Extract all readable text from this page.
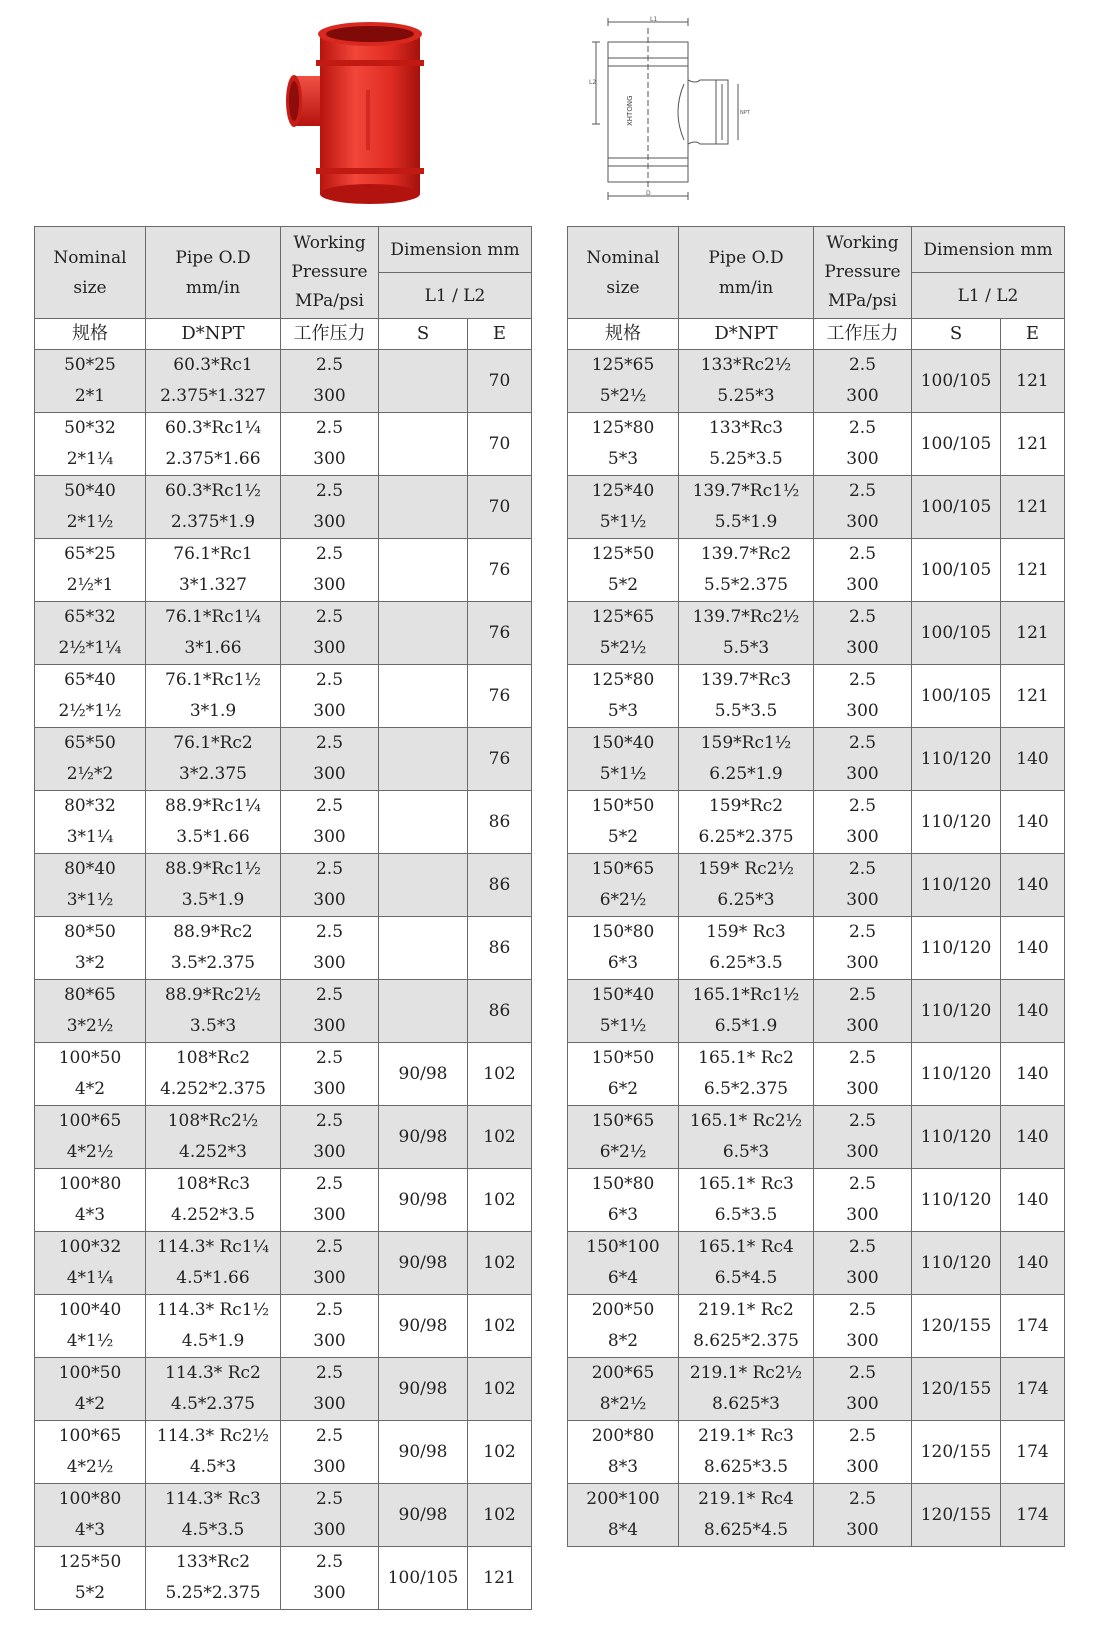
L1
L2
D
NPT
XHTONG
Nominal
size	Pipe O.D
mm/in	Working
Pressure
MPa/psi	Dimension mm	
			L1 / L2	
规格	D*NPT	工作压力	S	E

50*25
2*1	60.3*Rc1
2.375*1.327	2.5
300		70

50*32
2*1¼	60.3*Rc1¼
2.375*1.66	2.5
300		70

50*40
2*1½	60.3*Rc1½
2.375*1.9	2.5
300		70

65*25
2½*1	76.1*Rc1
3*1.327	2.5
300		76

65*32
2½*1¼	76.1*Rc1¼
3*1.66	2.5
300		76

65*40
2½*1½	76.1*Rc1½
3*1.9	2.5
300		76

65*50
2½*2	76.1*Rc2
3*2.375	2.5
300		76

80*32
3*1¼	88.9*Rc1¼
3.5*1.66	2.5
300		86

80*40
3*1½	88.9*Rc1½
3.5*1.9	2.5
300		86

80*50
3*2	88.9*Rc2
3.5*2.375	2.5
300		86

80*65
3*2½	88.9*Rc2½
3.5*3	2.5
300		86

100*50
4*2	108*Rc2
4.252*2.375	2.5
300	90/98	102

100*65
4*2½	108*Rc2½
4.252*3	2.5
300	90/98	102

100*80
4*3	108*Rc3
4.252*3.5	2.5
300	90/98	102

100*32
4*1¼	114.3* Rc1¼
4.5*1.66	2.5
300	90/98	102

100*40
4*1½	114.3* Rc1½
4.5*1.9	2.5
300	90/98	102

100*50
4*2	114.3* Rc2
4.5*2.375	2.5
300	90/98	102

100*65
4*2½	114.3* Rc2½
4.5*3	2.5
300	90/98	102

100*80
4*3	114.3* Rc3
4.5*3.5	2.5
300	90/98	102

125*50
5*2	133*Rc2
5.25*2.375	2.5
300	100/105	121
Nominal
size	Pipe O.D
mm/in	Working
Pressure
MPa/psi	Dimension mm	
			L1 / L2	
规格	D*NPT	工作压力	S	E

125*65
5*2½	133*Rc2½
5.25*3	2.5
300	100/105	121

125*80
5*3	133*Rc3
5.25*3.5	2.5
300	100/105	121

125*40
5*1½	139.7*Rc1½
5.5*1.9	2.5
300	100/105	121

125*50
5*2	139.7*Rc2
5.5*2.375	2.5
300	100/105	121

125*65
5*2½	139.7*Rc2½
5.5*3	2.5
300	100/105	121

125*80
5*3	139.7*Rc3
5.5*3.5	2.5
300	100/105	121

150*40
5*1½	159*Rc1½
6.25*1.9	2.5
300	110/120	140

150*50
5*2	159*Rc2
6.25*2.375	2.5
300	110/120	140

150*65
6*2½	159* Rc2½
6.25*3	2.5
300	110/120	140

150*80
6*3	159* Rc3
6.25*3.5	2.5
300	110/120	140

150*40
5*1½	165.1*Rc1½
6.5*1.9	2.5
300	110/120	140

150*50
6*2	165.1* Rc2
6.5*2.375	2.5
300	110/120	140

150*65
6*2½	165.1* Rc2½
6.5*3	2.5
300	110/120	140

150*80
6*3	165.1* Rc3
6.5*3.5	2.5
300	110/120	140

150*100
6*4	165.1* Rc4
6.5*4.5	2.5
300	110/120	140

200*50
8*2	219.1* Rc2
8.625*2.375	2.5
300	120/155	174

200*65
8*2½	219.1* Rc2½
8.625*3	2.5
300	120/155	174

200*80
8*3	219.1* Rc3
8.625*3.5	2.5
300	120/155	174

200*100
8*4	219.1* Rc4
8.625*4.5	2.5
300	120/155	174
